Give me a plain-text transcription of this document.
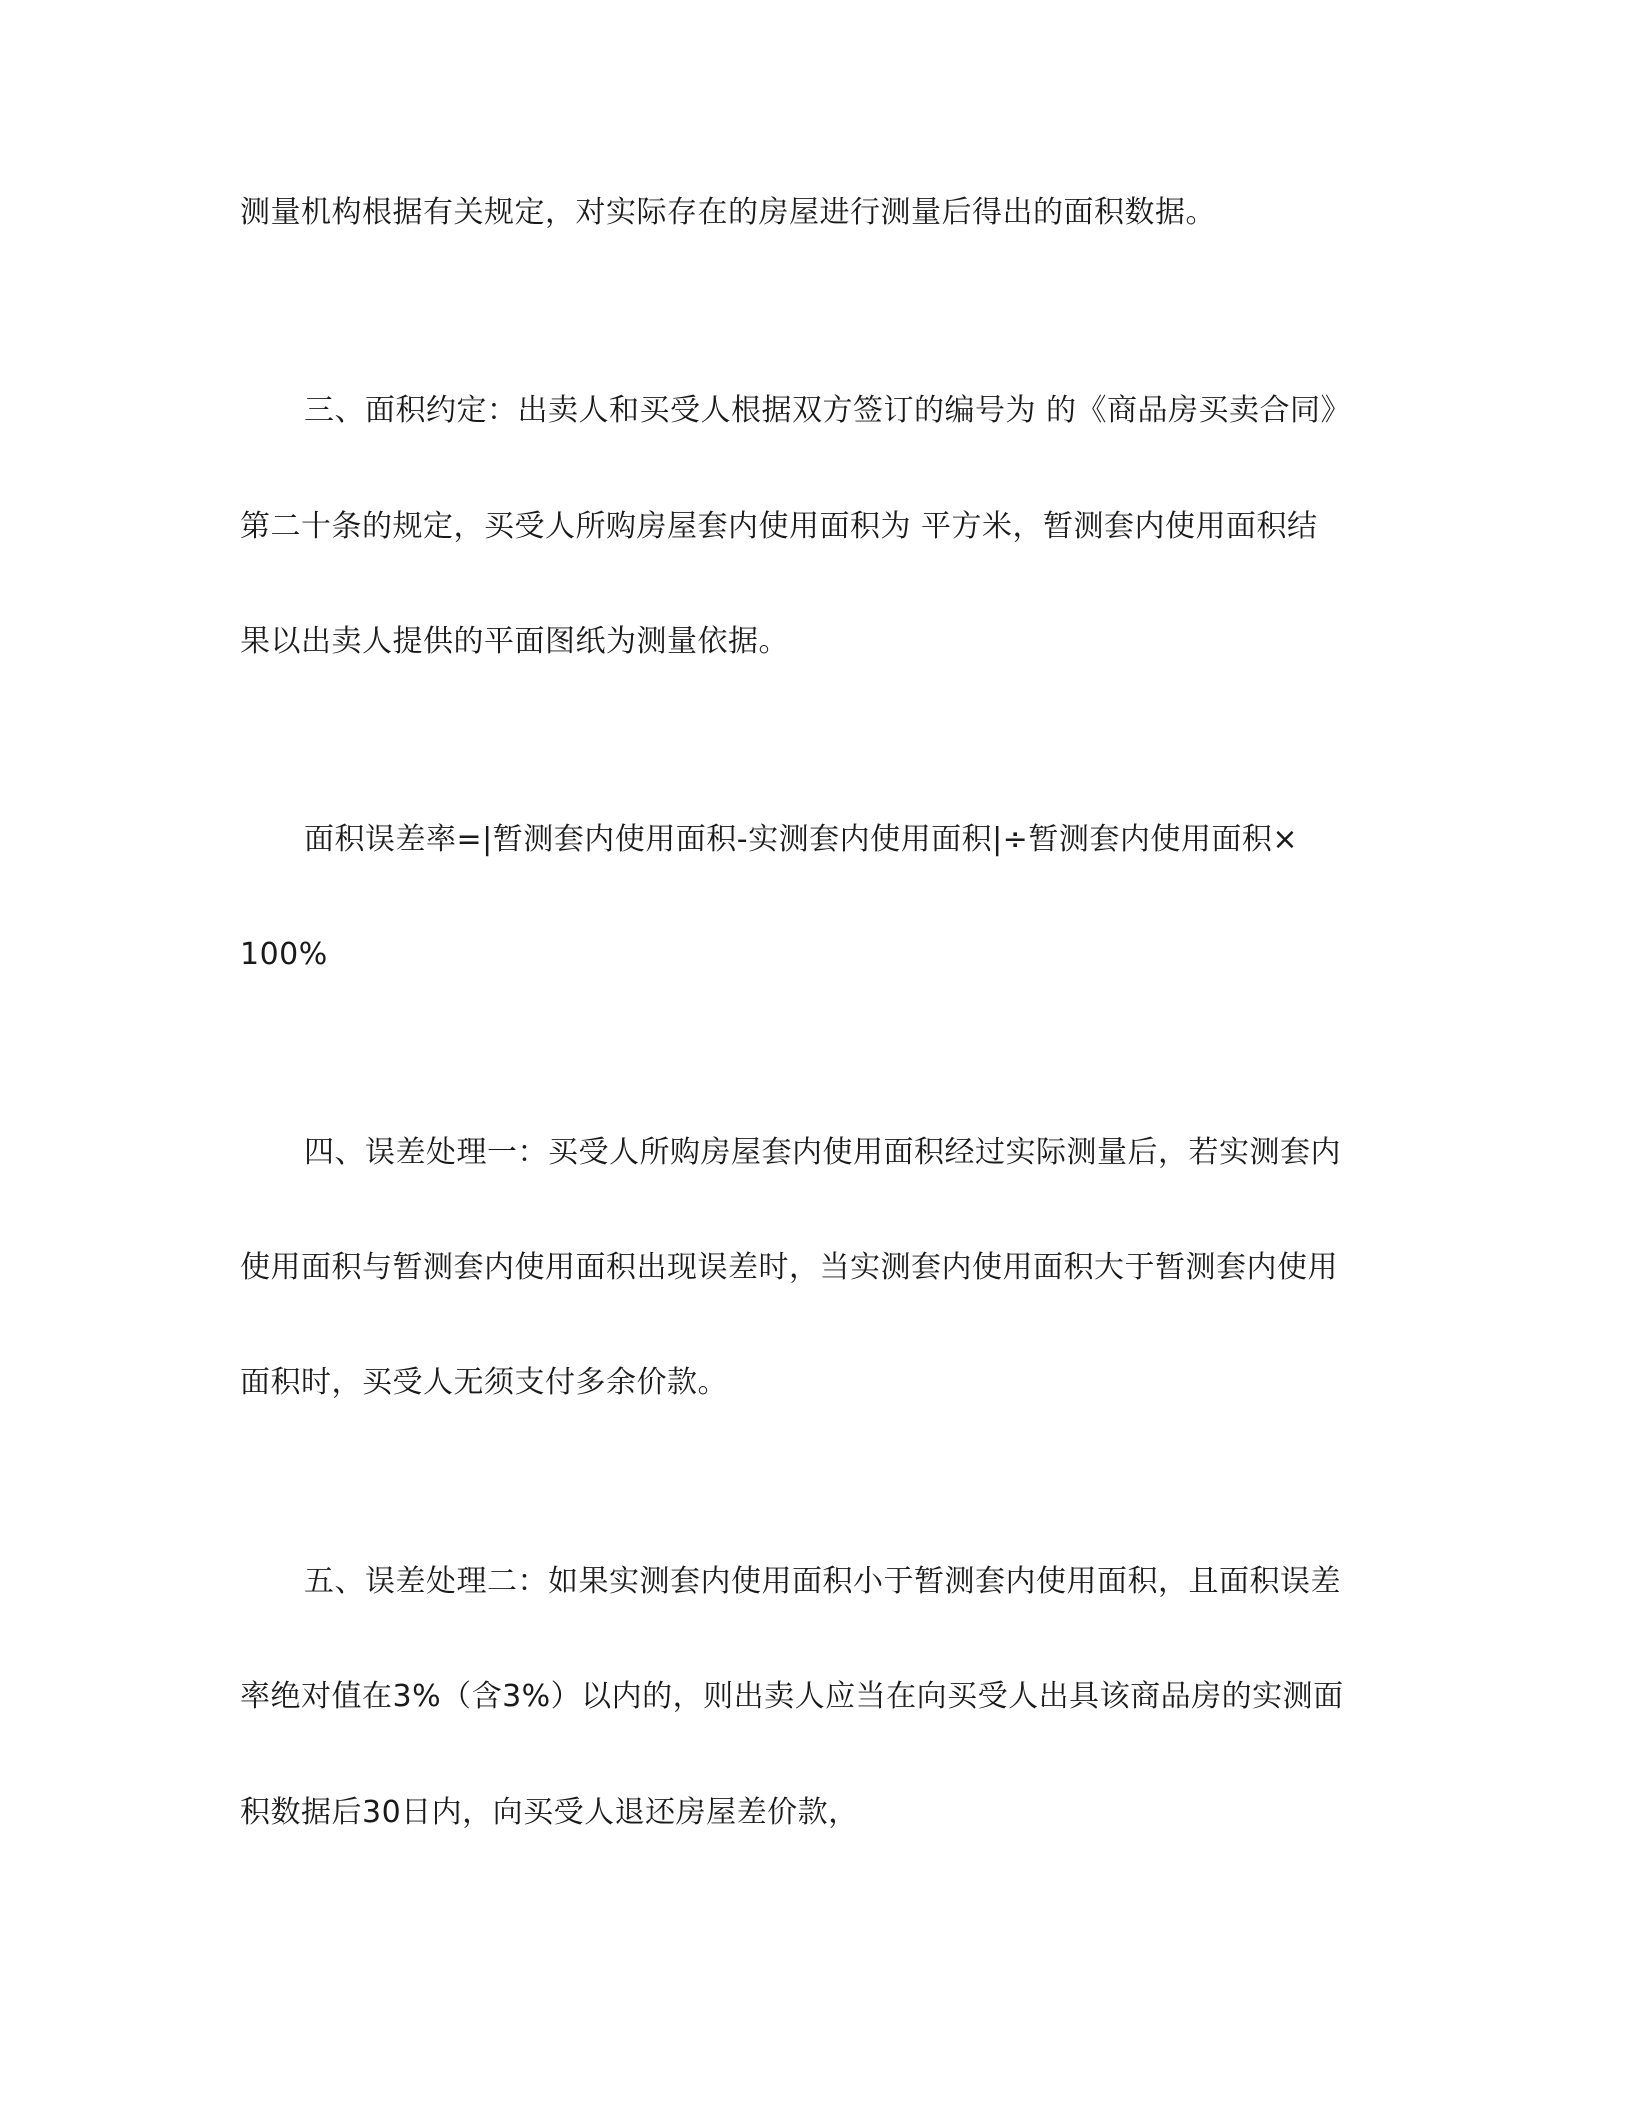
测量机构根据有关规定，对实际存在的房屋进行测量后得出的面积数据。
三、面积约定：出卖人和买受人根据双方签订的编号为 的《商品房买卖合同》
第二十条的规定，买受人所购房屋套内使用面积为 平方米，暂测套内使用面积结
果以出卖人提供的平面图纸为测量依据。
面积误差率=|暂测套内使用面积-实测套内使用面积|÷暂测套内使用面积×
100%
四、误差处理一：买受人所购房屋套内使用面积经过实际测量后，若实测套内
使用面积与暂测套内使用面积出现误差时，当实测套内使用面积大于暂测套内使用
面积时，买受人无须支付多余价款。
五、误差处理二：如果实测套内使用面积小于暂测套内使用面积，且面积误差
率绝对值在3%（含3%）以内的，则出卖人应当在向买受人出具该商品房的实测面
积数据后30日内，向买受人退还房屋差价款，
